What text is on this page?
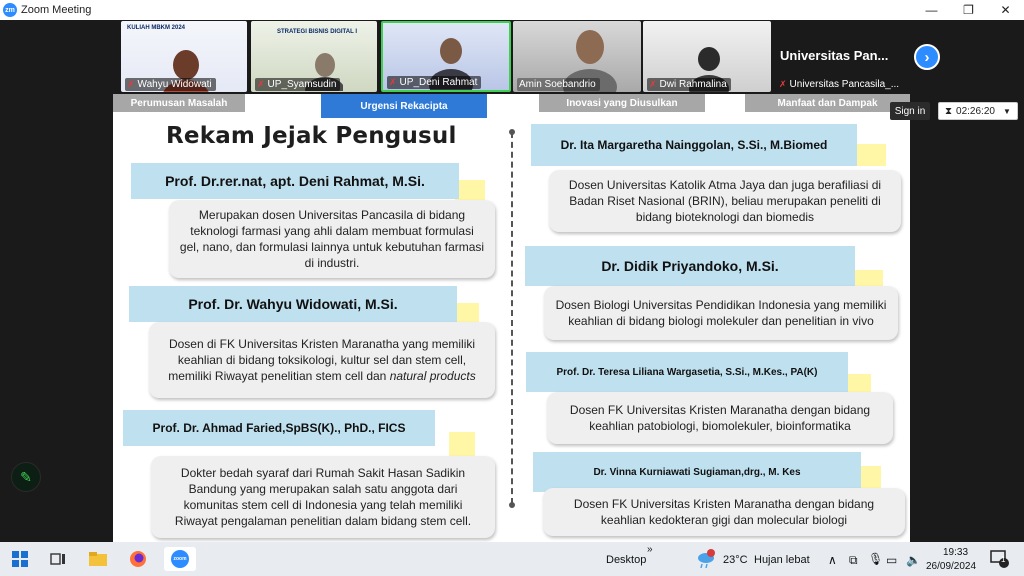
zm Zoom Meeting	—	❐	✕
KULIAH MBKM 2024
✗ Wahyu Widowati
STRATEGI BISNIS DIGITAL I
✗ UP_Syamsudin	✗ UP_Deni Rahmat	Amin Soebandrio	✗ Dwi Rahmalina
Universitas Pan...
✗ Universitas Pancasila_...
›
Perumusan Masalah	Urgensi Rekacipta	Inovasi yang Diusulkan	Manfaat dan Dampak
Rekam Jejak Pengusul
Prof. Dr.rer.nat, apt. Deni Rahmat, M.Si.
Merupakan dosen Universitas Pancasila di bidang teknologi farmasi yang ahli dalam membuat formulasi gel, nano, dan formulasi lainnya untuk kebutuhan farmasi di industri.
Prof. Dr. Wahyu Widowati, M.Si.
Dosen di FK Universitas Kristen Maranatha yang memiliki keahlian di bidang toksikologi, kultur sel dan stem cell, memiliki Riwayat penelitian stem cell dan natural products
Prof. Dr. Ahmad Faried,SpBS(K)., PhD., FICS
Dokter bedah syaraf dari Rumah Sakit Hasan Sadikin Bandung yang merupakan salah satu anggota dari komunitas stem cell di Indonesia yang telah memiliki Riwayat pengalaman penelitian dalam bidang stem cell.
Dr. Ita Margaretha Nainggolan, S.Si., M.Biomed
Dosen Universitas Katolik Atma Jaya dan juga berafiliasi di Badan Riset Nasional (BRIN), beliau merupakan peneliti di bidang bioteknologi dan biomedis
Dr. Didik Priyandoko, M.Si.
Dosen Biologi Universitas Pendidikan Indonesia yang memiliki keahlian di bidang biologi molekuler dan penelitian in vivo
Prof. Dr. Teresa Liliana Wargasetia, S.Si., M.Kes., PA(K)
Dosen FK Universitas Kristen Maranatha dengan bidang keahlian patobiologi, biomolekuler, bioinformatika
Dr. Vinna Kurniawati Sugiaman,drg., M. Kes
Dosen FK Universitas Kristen Maranatha dengan bidang keahlian kedokteran gigi dan molecular biologi
Sign in	⧗ 02:26:20 ▼
✎
zoom	Desktop
»
23°C Hujan lebat ∧ ⧉ 🎙 ▭ 🔈
19:33
26/09/2024
1
